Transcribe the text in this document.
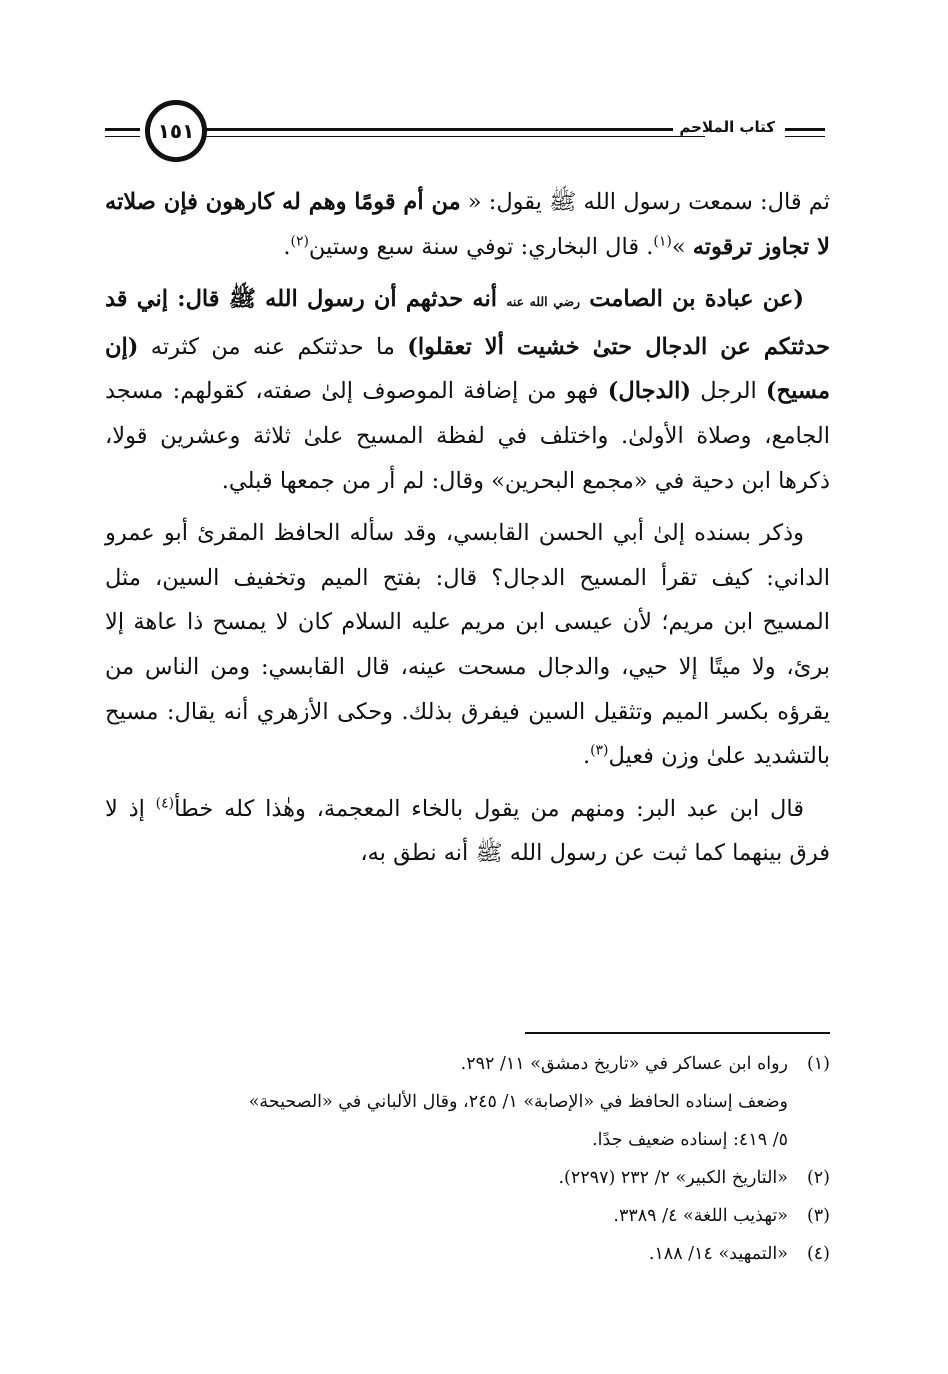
١٥١	كتاب الملاحم

ثم قال: سمعت رسول الله ﷺ يقول: « من أم قومًا وهم له كارهون فإن صلاته لا تجاوز ترقوته »$^{(١)}$. قال البخاري: توفي سنة سبع وستين$^{(٢)}$.

(عن عبادة بن الصامت رضي الله عنه أنه حدثهم أن رسول الله ﷺ قال: إني قد حدثتكم عن الدجال حتىٰ خشيت ألا تعقلوا) ما حدثتكم عنه من كثرته (إن مسيح) الرجل (الدجال) فهو من إضافة الموصوف إلىٰ صفته، كقولهم: مسجد الجامع، وصلاة الأولىٰ. واختلف في لفظة المسيح علىٰ ثلاثة وعشرين قولا، ذكرها ابن دحية في «مجمع البحرين» وقال: لم أر من جمعها قبلي.

وذكر بسنده إلىٰ أبي الحسن القابسي، وقد سأله الحافظ المقرئ أبو عمرو الداني: كيف تقرأ المسيح الدجال؟ قال: بفتح الميم وتخفيف السين، مثل المسيح ابن مريم؛ لأن عيسى ابن مريم عليه السلام كان لا يمسح ذا عاهة إلا برئ، ولا ميتًا إلا حيي، والدجال مسحت عينه، قال القابسي: ومن الناس من يقرؤه بكسر الميم وتثقيل السين فيفرق بذلك. وحكى الأزهري أنه يقال: مسيح بالتشديد علىٰ وزن فعيل$^{(٣)}$.

قال ابن عبد البر: ومنهم من يقول بالخاء المعجمة، وهٰذا كله خطأ$^{(٤)}$ إذ لا فرق بينهما كما ثبت عن رسول الله ﷺ أنه نطق به،

(١)
رواه ابن عساكر في «تاريخ دمشق» ١١/ ٢٩٢.
وضعف إسناده الحافظ في «الإصابة» ١/ ٢٤٥، وقال الألباني في «الصحيحة»
٥/ ٤١٩: إسناده ضعيف جدًا.
(٢)
«التاريخ الكبير» ٢/ ٢٣٢ (٢٢٩٧).
(٣)
«تهذيب اللغة» ٤/ ٣٣٨٩.
(٤)
«التمهيد» ١٤/ ١٨٨.
